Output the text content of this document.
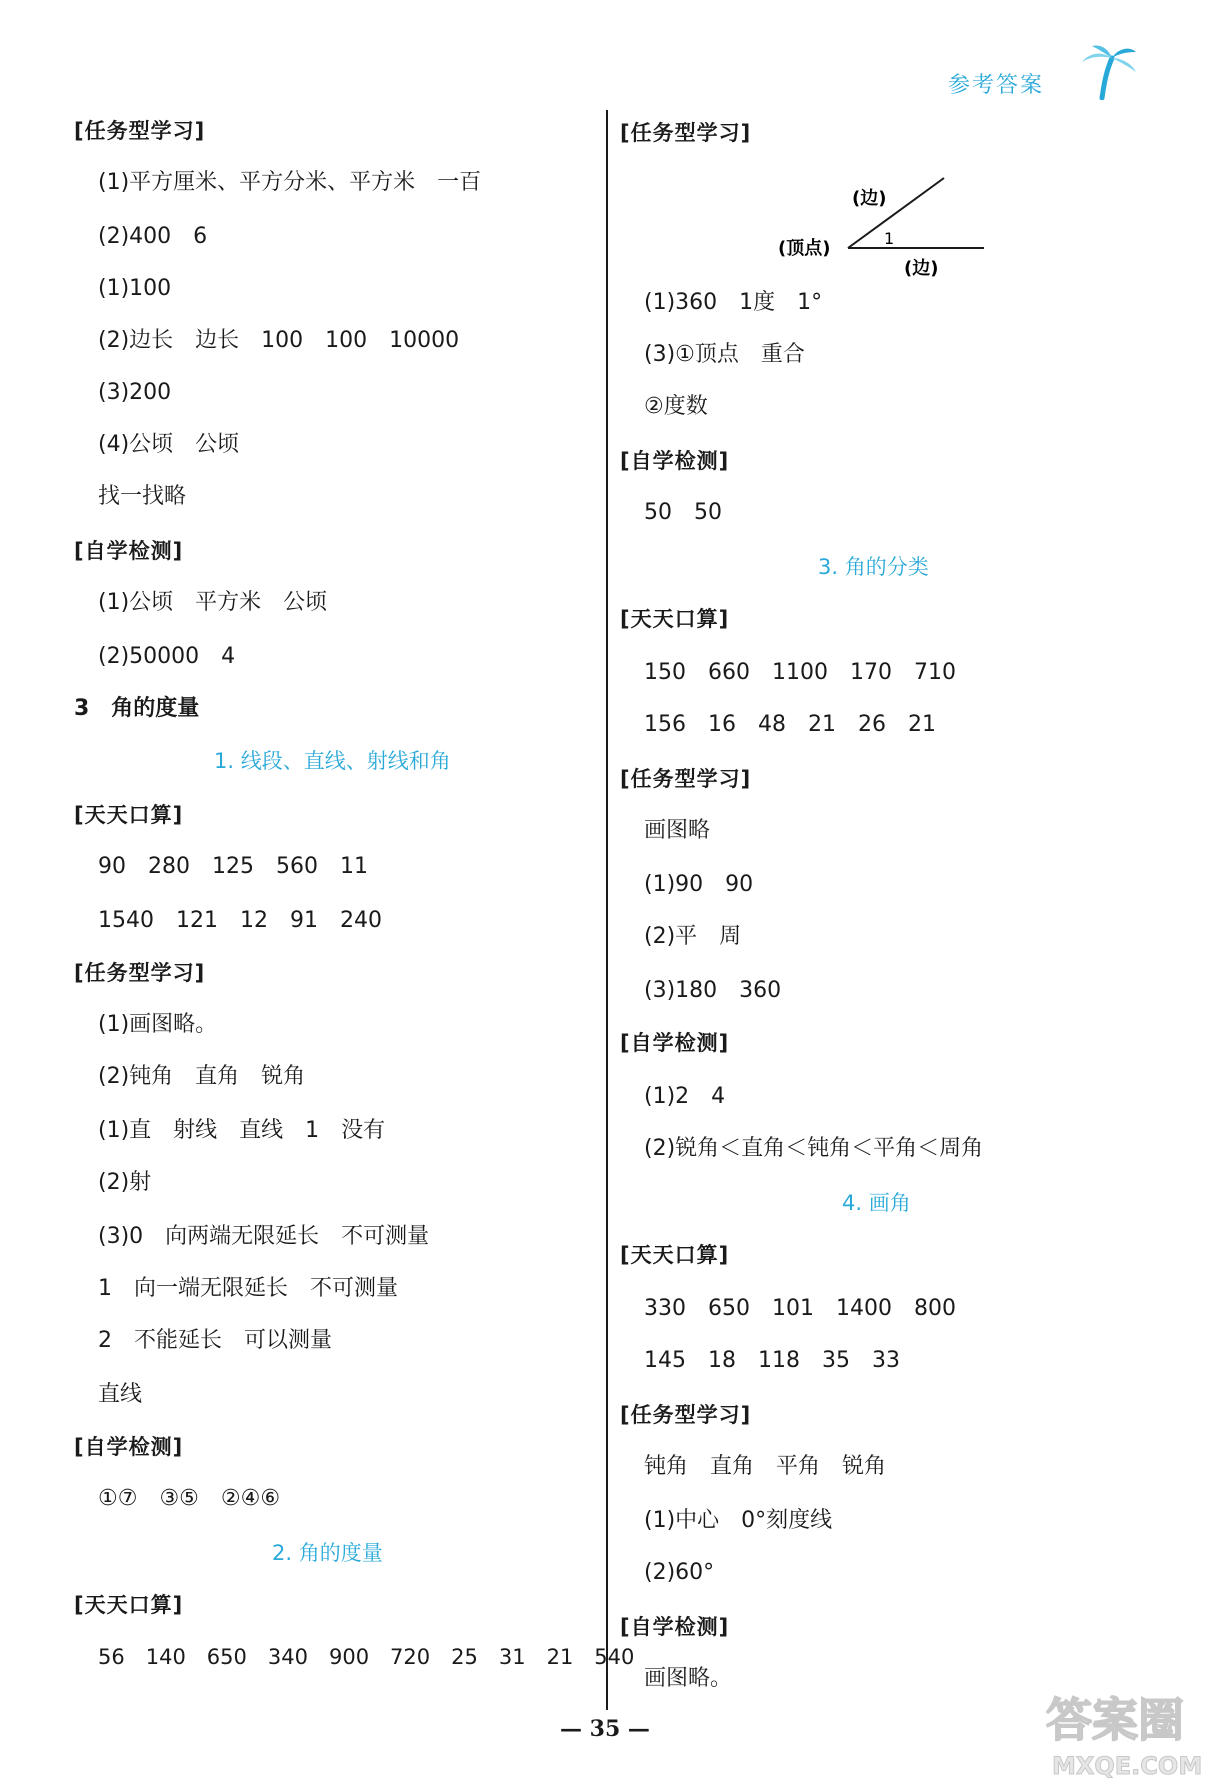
参考答案
[任务型学习]
(1)平方厘米、平方分米、平方米　一百
(2)400　6
(1)100
(2)边长　边长　100　100　10000
(3)200
(4)公顷　公顷
找一找略
[自学检测]
(1)公顷　平方米　公顷
(2)50000　4
3　角的度量
1. 线段、直线、射线和角
[天天口算]
90　280　125　560　11
1540　121　12　91　240
[任务型学习]
(1)画图略。
(2)钝角　直角　锐角
(1)直　射线　直线　1　没有
(2)射
(3)0　向两端无限延长　不可测量
1　向一端无限延长　不可测量
2　不能延长　可以测量
直线
[自学检测]
①⑦　③⑤　②④⑥
2. 角的度量
[天天口算]
56　140　650　340　900　720　25　31　21　540
[任务型学习]
(边)
(顶点)	1
(边)
(1)360　1度　1°
(3)①顶点　重合
②度数
[自学检测]
50　50
3. 角的分类
[天天口算]
150　660　1100　170　710
156　16　48　21　26　21
[任务型学习]
画图略
(1)90　90
(2)平　周
(3)180　360
[自学检测]
(1)2　4
(2)锐角＜直角＜钝角＜平角＜周角
4. 画角
[天天口算]
330　650　101　1400　800
145　18　118　35　33
[任务型学习]
钝角　直角　平角　锐角
(1)中心　0°刻度线
(2)60°
[自学检测]
画图略。
— 35 —	答案圈
MXQE.COM
